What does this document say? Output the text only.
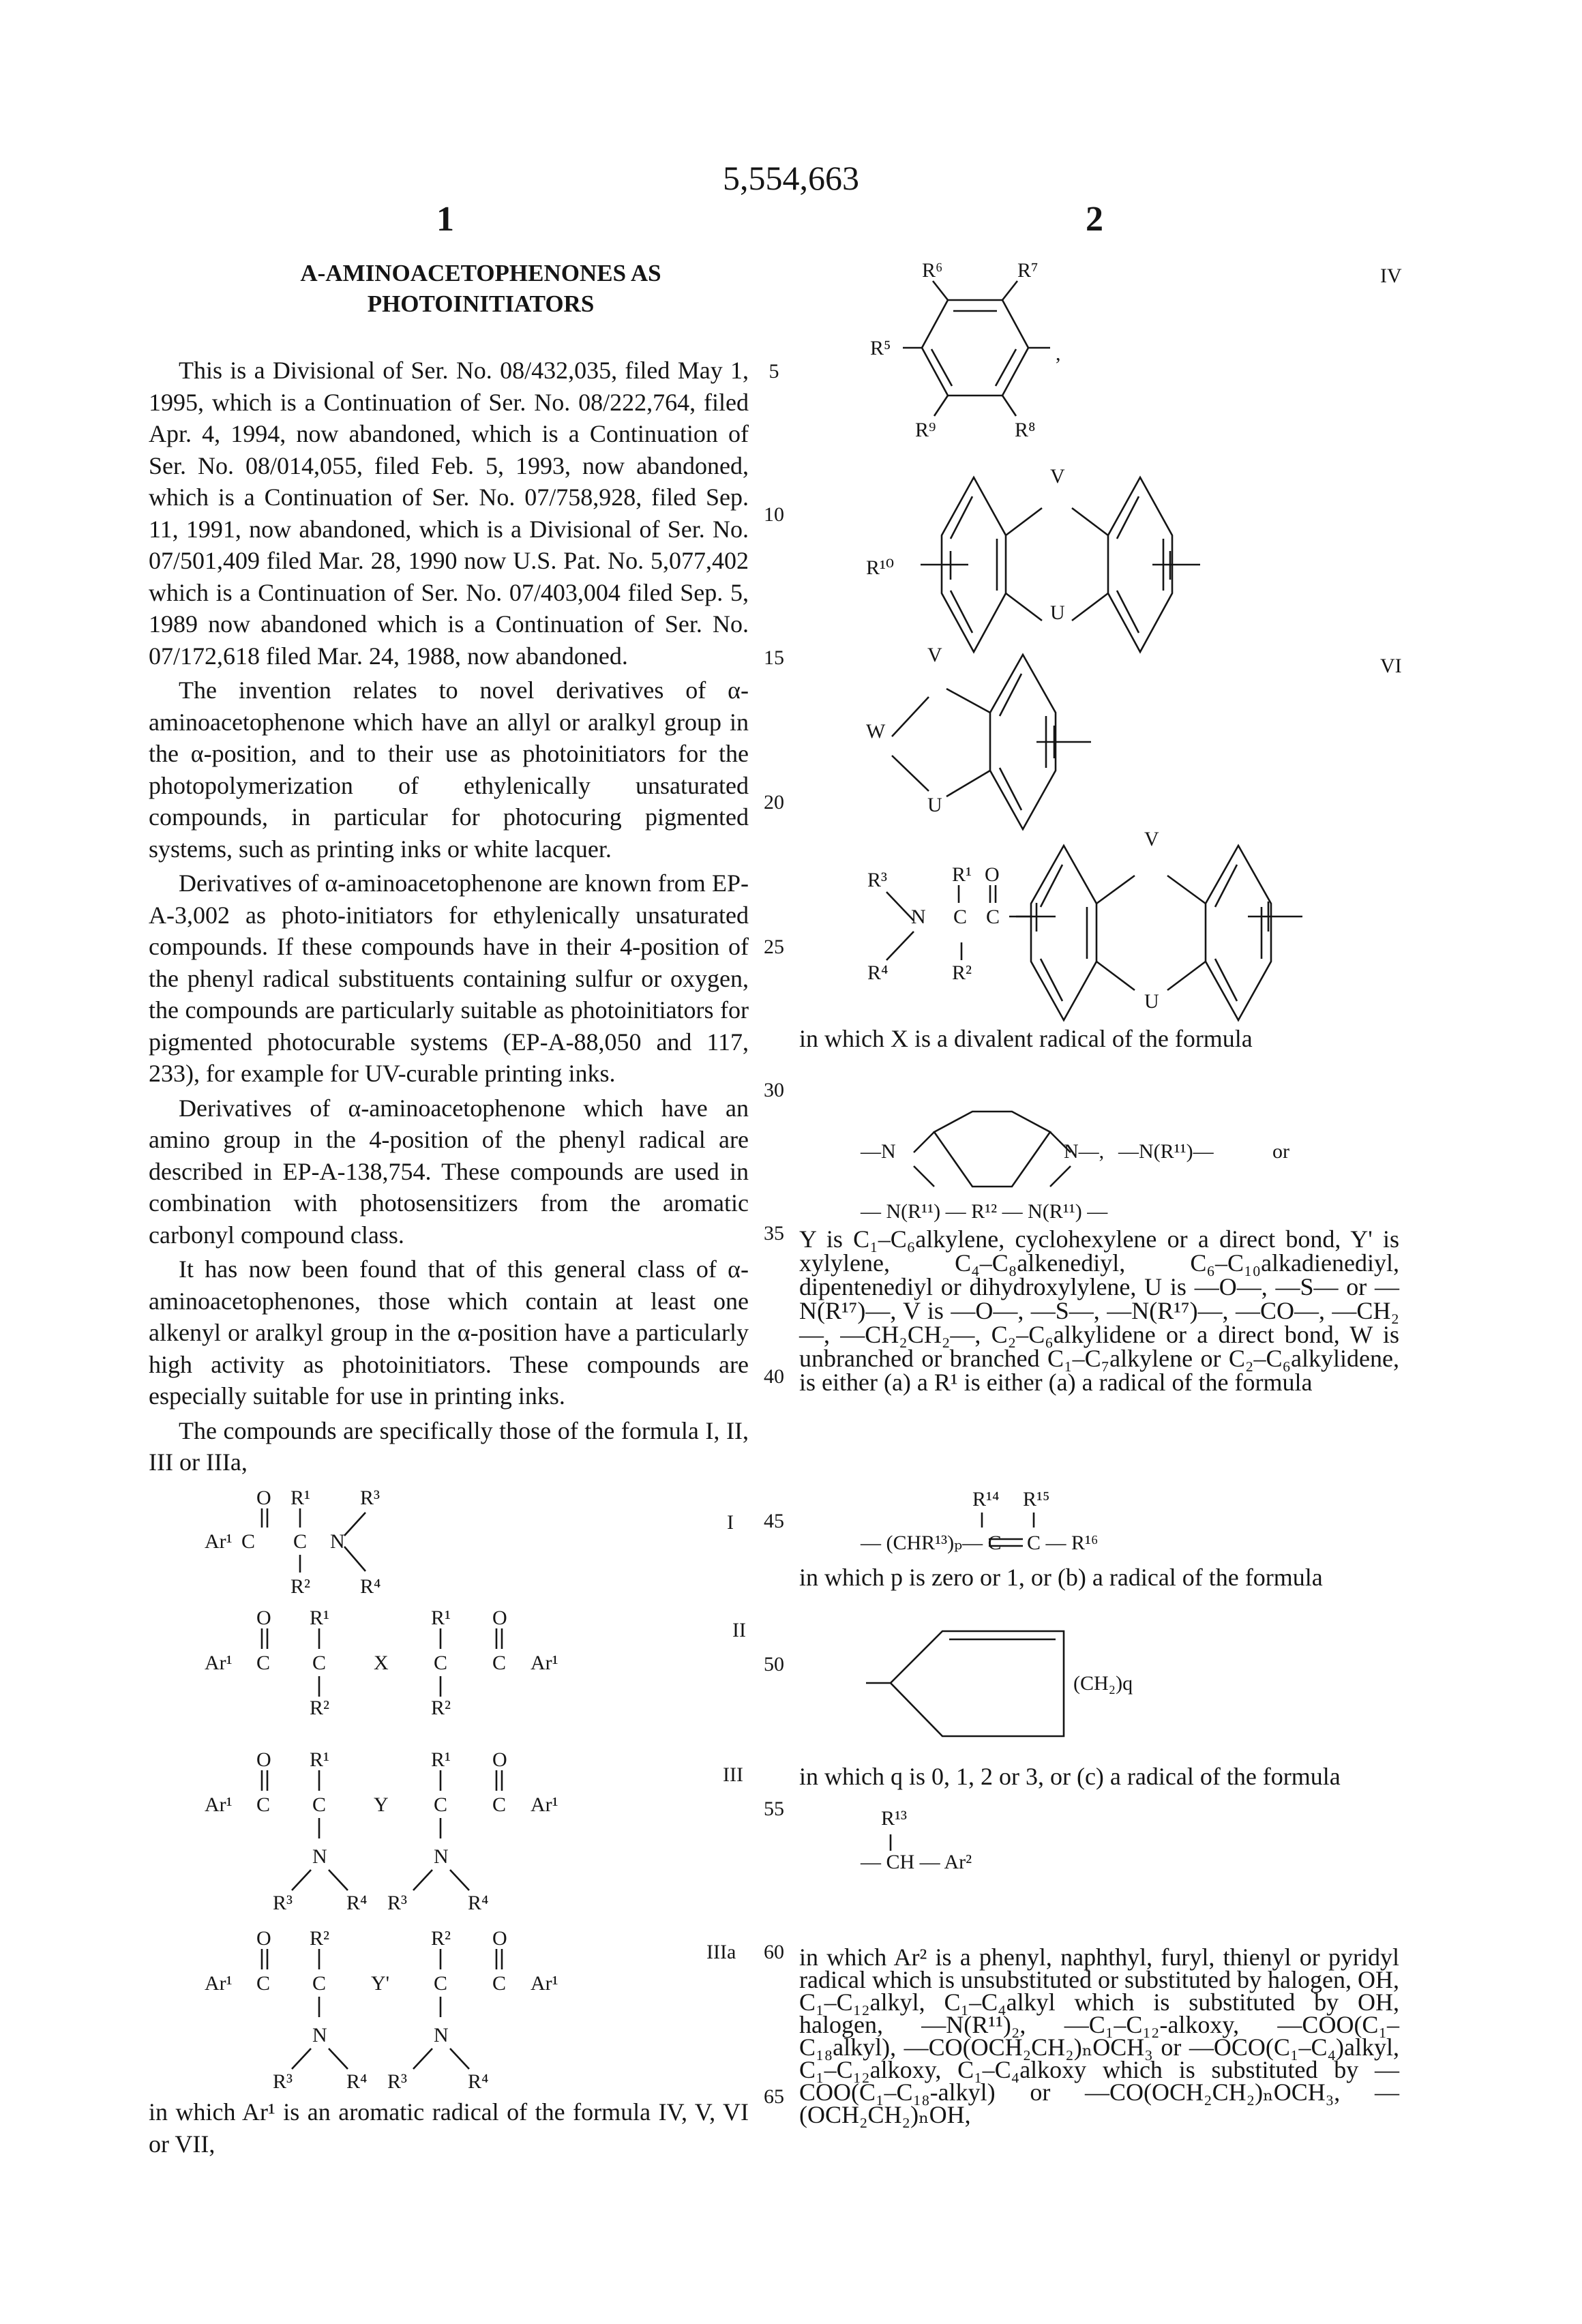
5,554,663
1	2
Α-AMINOACETOPHENONES AS PHOTOINITIATORS

This is a Divisional of Ser. No. 08/432,035, filed May 1, 1995, which is a Continuation of Ser. No. 08/222,764, filed Apr. 4, 1994, now abandoned, which is a Continuation of Ser. No. 08/014,055, filed Feb. 5, 1993, now abandoned, which is a Continuation of Ser. No. 07/758,928, filed Sep. 11, 1991, now abandoned, which is a Divisional of Ser. No. 07/501,409 filed Mar. 28, 1990 now U.S. Pat. No. 5,077,402 which is a Continuation of Ser. No. 07/403,004 filed Sep. 5, 1989 now abandoned which is a Continuation of Ser. No. 07/172,618 filed Mar. 24, 1988, now abandoned.

The invention relates to novel derivatives of α-aminoacetophenone which have an allyl or aralkyl group in the α-position, and to their use as photoinitiators for the photopolymerization of ethylenically unsaturated compounds, in particular for photocuring pigmented systems, such as printing inks or white lacquer.

Derivatives of α-aminoacetophenone are known from EP-A-3,002 as photo-initiators for ethylenically unsaturated compounds. If these compounds have in their 4-position of the phenyl radical substituents containing sulfur or oxygen, the compounds are particularly suitable as photoinitiators for pigmented photocurable systems (EP-A-88,050 and 117, 233), for example for UV-curable printing inks.

Derivatives of α-aminoacetophenone which have an amino group in the 4-position of the phenyl radical are described in EP-A-138,754. These compounds are used in combination with photosensitizers from the aromatic carbonyl compound class.

It has now been found that of this general class of α-aminoacetophenones, those which contain at least one alkenyl or aralkyl group in the α-position have a particularly high activity as photoinitiators. These compounds are especially suitable for use in printing inks.

The compounds are specifically those of the formula I, II, III or IIIa,

in which Ar¹ is an aromatic radical of the formula IV, V, VI or VII,
5
10
15
20
25
30
35
40
45
50
55
60
65
I
II
III
IIIa
IV
VI
in which X is a divalent radical of the formula
Y is C₁–C₆alkylene, cyclohexylene or a direct bond, Y' is xylylene, C₄–C₈alkenediyl, C₆–C₁₀alkadienediyl, dipentenediyl or dihydroxylylene, U is —O—, —S— or —N(R¹⁷)—, V is —O—, —S—, —N(R¹⁷)—, —CO—, —CH₂—, —CH₂CH₂—, C₂–C₆alkylidene or a direct bond, W is unbranched or branched C₁–C₇alkylene or C₂–C₆alkylidene, is either (a) a R¹ is either (a) a radical of the formula
in which p is zero or 1, or (b) a radical of the formula
in which q is 0, 1, 2 or 3, or (c) a radical of the formula
in which Ar² is a phenyl, naphthyl, furyl, thienyl or pyridyl radical which is unsubstituted or substituted by halogen, OH, C₁–C₁₂alkyl, C₁–C₄alkyl which is substituted by OH, halogen, —N(R¹¹)₂, —C₁–C₁₂-alkoxy, —COO(C₁–C₁₈alkyl), —CO(OCH₂CH₂)ₙOCH₃ or —OCO(C₁–C₄)alkyl, C₁–C₁₂alkoxy, C₁–C₄alkoxy which is substituted by —COO(C₁–C₁₈-alkyl) or —CO(OCH₂CH₂)ₙOCH₃, —(OCH₂CH₂)ₙOH,
R⁶	R⁷
R⁵	,
R⁹	R⁸
V
U
R¹⁰
V
W
U
R³	R¹ O
N C C
R⁴	R²
V
U
—N	N—, —N(R¹¹)—	or
— N(R¹¹) — R¹² — N(R¹¹) —
R¹⁴ R¹⁵
— (CHR¹³)ₚ— C C — R¹⁶
(CH₂)q
R¹³
— CH — Ar²
O R¹ R³
Ar¹ C C N
R² R⁴
O R¹	R¹ O
Ar¹ C C X C C Ar¹
R²	R²
O R¹	R¹ O
Ar¹ C C Y C C Ar¹
N	N
R³	R⁴ R³	R⁴
O R²	R² O
Ar¹ C C Y' C C Ar¹
N	N
R³	R⁴ R³	R⁴
